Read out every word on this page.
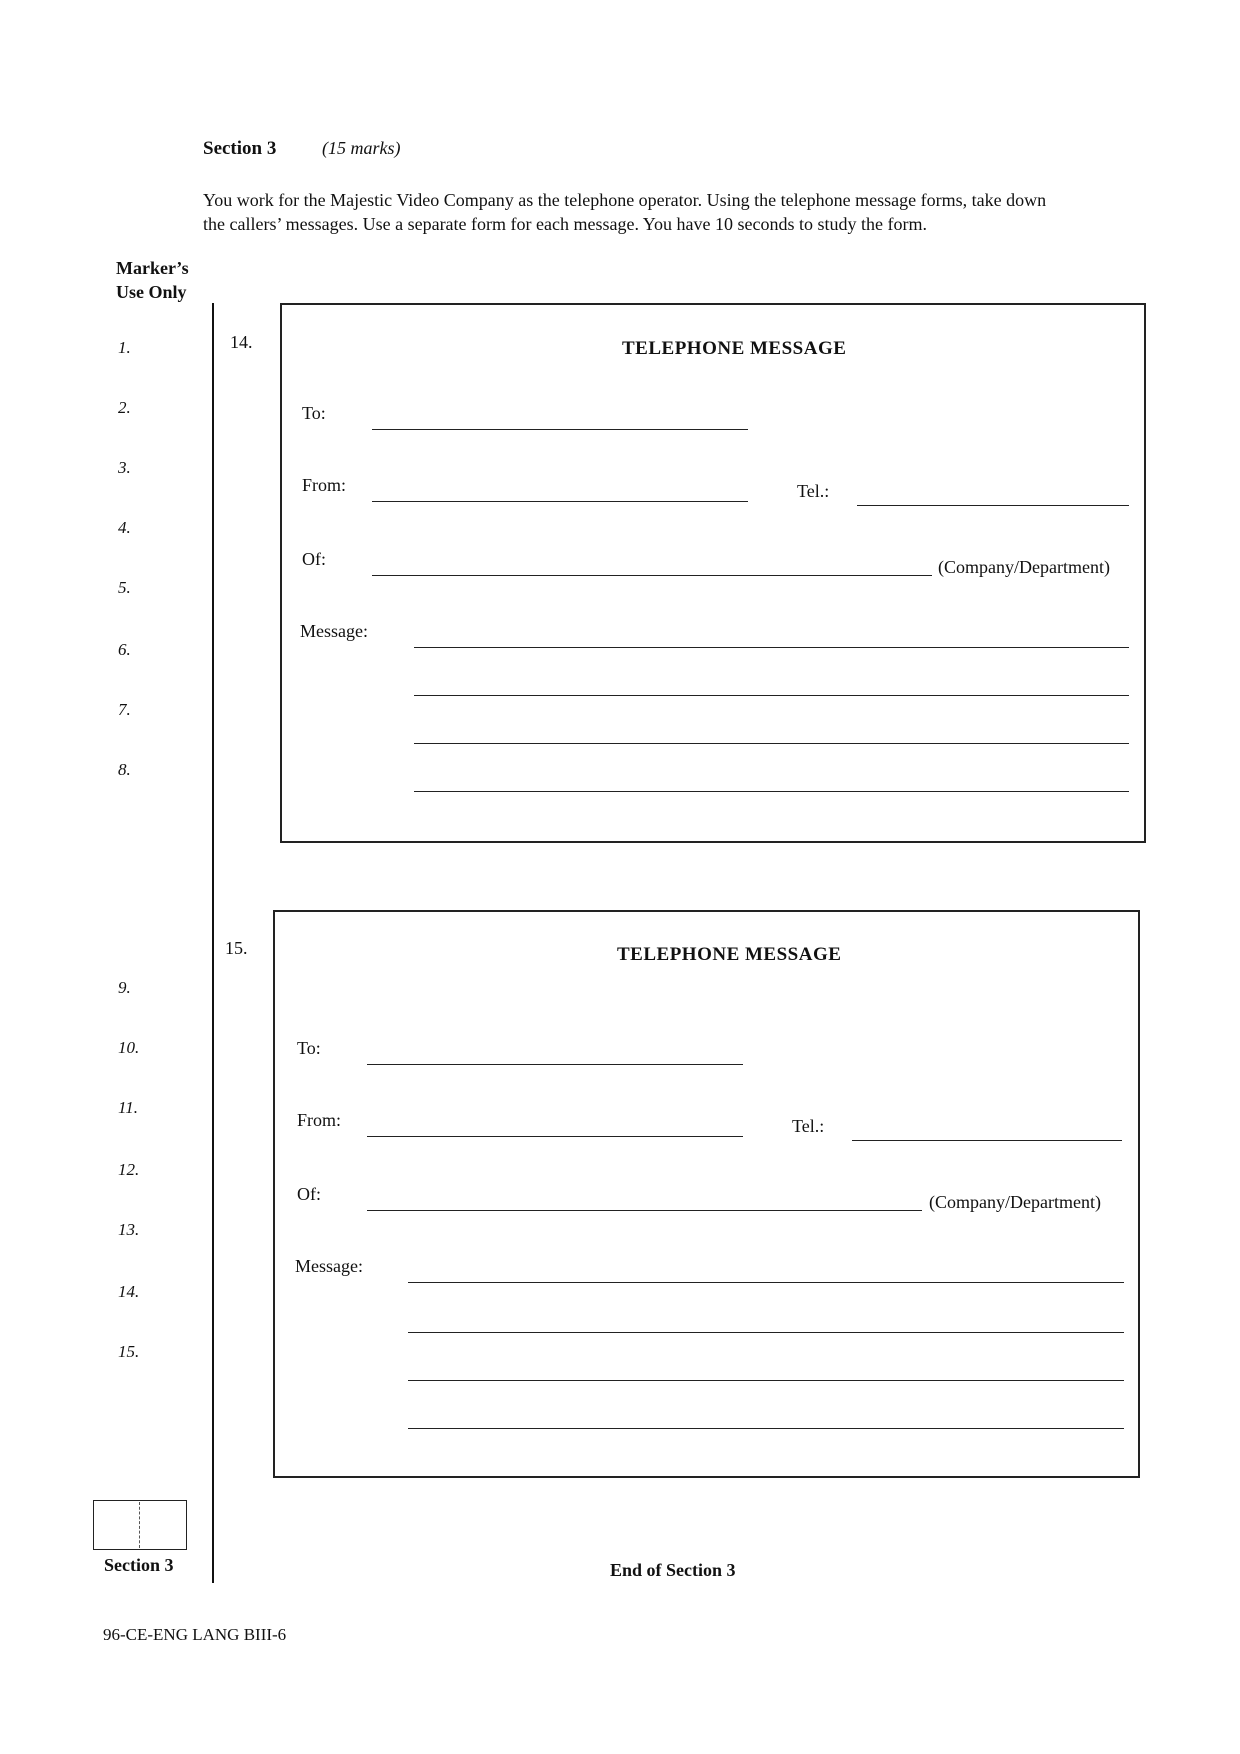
Section 3	(15 marks)
You work for the Majestic Video Company as the telephone operator. Using the telephone message forms, take down
the callers’ messages. Use a separate form for each message. You have 10 seconds to study the form.
Marker’s
Use Only
1.
2.
3.
4.
5.
6.
7.
8.
9.
10.
11.
12.
13.
14.
15.
14.	TELEPHONE MESSAGE
To:
From:	Tel.:
Of:	(Company/Department)
Message:
15.	TELEPHONE MESSAGE
To:
From:	Tel.:
Of:	(Company/Department)
Message:
Section 3	End of Section 3
96-CE-ENG LANG BIII-6
